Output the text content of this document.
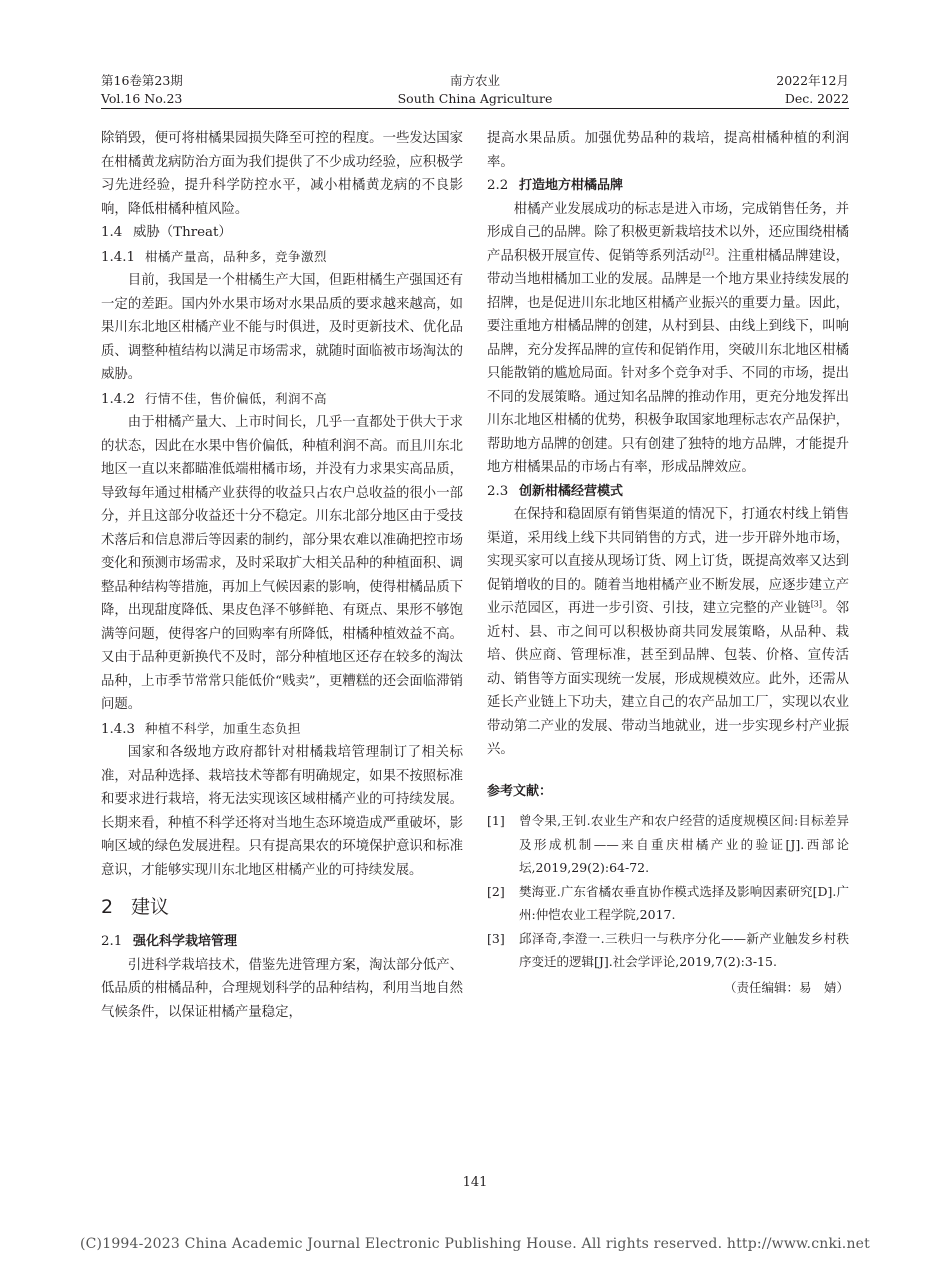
第16卷第23期
Vol.16 No.23
南方农业
South China Agriculture
2022年12月
Dec. 2022

除销毁，便可将柑橘果园损失降至可控的程度。一些发达国家在柑橘黄龙病防治方面为我们提供了不少成功经验，应积极学习先进经验，提升科学防控水平，减小柑橘黄龙病的不良影响，降低柑橘种植风险。

1.4 威胁（Threat）
1.4.1 柑橘产量高，品种多，竞争激烈

目前，我国是一个柑橘生产大国，但距柑橘生产强国还有一定的差距。国内外水果市场对水果品质的要求越来越高，如果川东北地区柑橘产业不能与时俱进，及时更新技术、优化品质、调整种植结构以满足市场需求，就随时面临被市场淘汰的威胁。

1.4.2 行情不佳，售价偏低，利润不高

由于柑橘产量大、上市时间长，几乎一直都处于供大于求的状态，因此在水果中售价偏低，种植利润不高。而且川东北地区一直以来都瞄准低端柑橘市场，并没有力求果实高品质，导致每年通过柑橘产业获得的收益只占农户总收益的很小一部分，并且这部分收益还十分不稳定。川东北部分地区由于受技术落后和信息滞后等因素的制约，部分果农难以准确把控市场变化和预测市场需求，及时采取扩大相关品种的种植面积、调整品种结构等措施，再加上气候因素的影响，使得柑橘品质下降，出现甜度降低、果皮色泽不够鲜艳、有斑点、果形不够饱满等问题，使得客户的回购率有所降低，柑橘种植效益不高。又由于品种更新换代不及时，部分种植地区还存在较多的淘汰品种，上市季节常常只能低价“贱卖”，更糟糕的还会面临滞销问题。

1.4.3 种植不科学，加重生态负担

国家和各级地方政府都针对柑橘栽培管理制订了相关标准，对品种选择、栽培技术等都有明确规定，如果不按照标准和要求进行栽培，将无法实现该区域柑橘产业的可持续发展。长期来看，种植不科学还将对当地生态环境造成严重破坏，影响区域的绿色发展进程。只有提高果农的环境保护意识和标准意识，才能够实现川东北地区柑橘产业的可持续发展。

2 建议
2.1 强化科学栽培管理

引进科学栽培技术，借鉴先进管理方案，淘汰部分低产、低品质的柑橘品种，合理规划科学的品种结构，利用当地自然气候条件，以保证柑橘产量稳定，

提高水果品质。加强优势品种的栽培，提高柑橘种植的利润率。

2.2 打造地方柑橘品牌

柑橘产业发展成功的标志是进入市场，完成销售任务，并形成自己的品牌。除了积极更新栽培技术以外，还应围绕柑橘产品积极开展宣传、促销等系列活动[2]。注重柑橘品牌建设，带动当地柑橘加工业的发展。品牌是一个地方果业持续发展的招牌，也是促进川东北地区柑橘产业振兴的重要力量。因此，要注重地方柑橘品牌的创建，从村到县、由线上到线下，叫响品牌，充分发挥品牌的宣传和促销作用，突破川东北地区柑橘只能散销的尴尬局面。针对多个竞争对手、不同的市场，提出不同的发展策略。通过知名品牌的推动作用，更充分地发挥出川东北地区柑橘的优势，积极争取国家地理标志农产品保护，帮助地方品牌的创建。只有创建了独特的地方品牌，才能提升地方柑橘果品的市场占有率，形成品牌效应。

2.3 创新柑橘经营模式

在保持和稳固原有销售渠道的情况下，打通农村线上销售渠道，采用线上线下共同销售的方式，进一步开辟外地市场，实现买家可以直接从现场订货、网上订货，既提高效率又达到促销增收的目的。随着当地柑橘产业不断发展，应逐步建立产业示范园区，再进一步引资、引技，建立完整的产业链[3]。邻近村、县、市之间可以积极协商共同发展策略，从品种、栽培、供应商、管理标准，甚至到品牌、包装、价格、宣传活动、销售等方面实现统一发展，形成规模效应。此外，还需从延长产业链上下功夫，建立自己的农产品加工厂，实现以农业带动第二产业的发展、带动当地就业，进一步实现乡村产业振兴。

参考文献：
[1]	曾令果,王钊.农业生产和农户经营的适度规模区间:目标差异及形成机制——来自重庆柑橘产业的验证[J].西部论坛,2019,29(2):64-72.
[2]	樊海亚.广东省橘农垂直协作模式选择及影响因素研究[D].广州:仲恺农业工程学院,2017.
[3]	邱泽奇,李澄一.三秩归一与秩序分化——新产业触发乡村秩序变迁的逻辑[J].社会学评论,2019,7(2):3-15.
（责任编辑：易　婧）
141
(C)1994-2023 China Academic Journal Electronic Publishing House. All rights reserved. http://www.cnki.net
